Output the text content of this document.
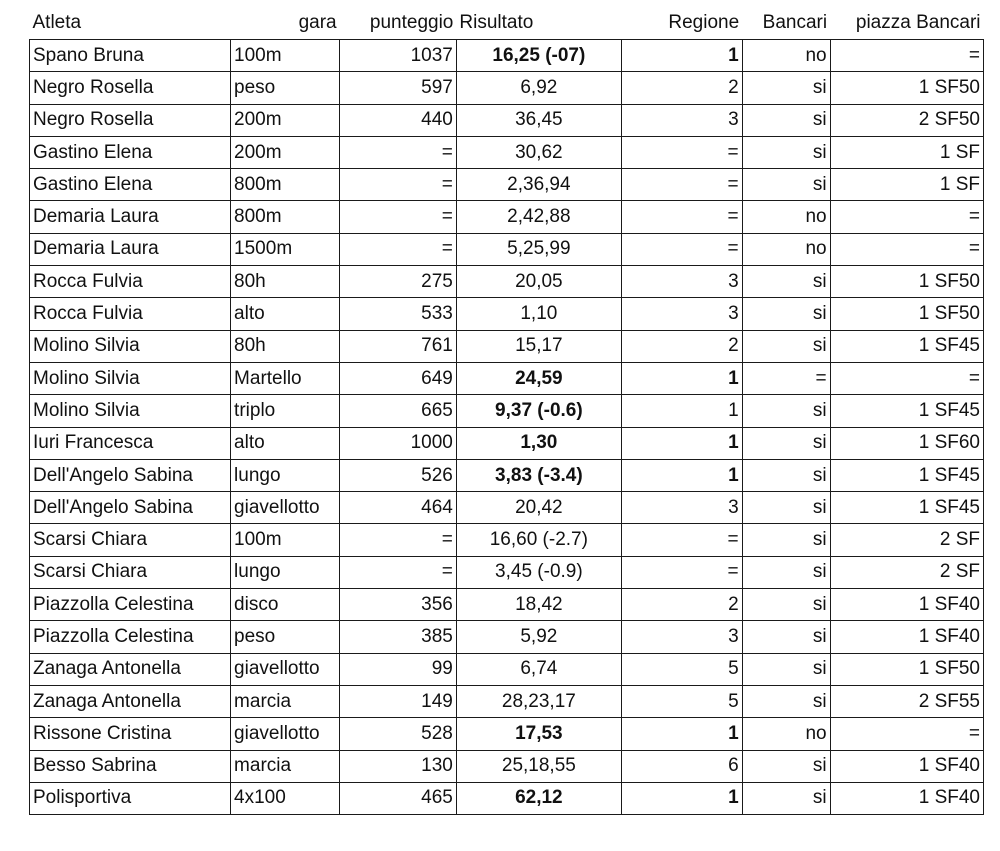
Atleta	gara	punteggio	Risultato	Regione	Bancari	piazza Bancari
Spano Bruna	100m	1037	16,25 (-07)	1	no	=
Negro Rosella	peso	597	6,92	2	si	1 SF50
Negro Rosella	200m	440	36,45	3	si	2 SF50
Gastino Elena	200m	=	30,62	=	si	1 SF
Gastino Elena	800m	=	2,36,94	=	si	1 SF
Demaria Laura	800m	=	2,42,88	=	no	=
Demaria Laura	1500m	=	5,25,99	=	no	=
Rocca Fulvia	80h	275	20,05	3	si	1 SF50
Rocca Fulvia	alto	533	1,10	3	si	1 SF50
Molino Silvia	80h	761	15,17	2	si	1 SF45
Molino Silvia	Martello	649	24,59	1	=	=
Molino Silvia	triplo	665	9,37 (-0.6)	1	si	1 SF45
Iuri Francesca	alto	1000	1,30	1	si	1 SF60
Dell'Angelo Sabina	lungo	526	3,83 (-3.4)	1	si	1 SF45
Dell'Angelo Sabina	giavellotto	464	20,42	3	si	1 SF45
Scarsi Chiara	100m	=	16,60 (-2.7)	=	si	2 SF
Scarsi Chiara	lungo	=	3,45 (-0.9)	=	si	2 SF
Piazzolla Celestina	disco	356	18,42	2	si	1 SF40
Piazzolla Celestina	peso	385	5,92	3	si	1 SF40
Zanaga Antonella	giavellotto	99	6,74	5	si	1 SF50
Zanaga Antonella	marcia	149	28,23,17	5	si	2 SF55
Rissone Cristina	giavellotto	528	17,53	1	no	=
Besso Sabrina	marcia	130	25,18,55	6	si	1 SF40
Polisportiva	4x100	465	62,12	1	si	1 SF40
